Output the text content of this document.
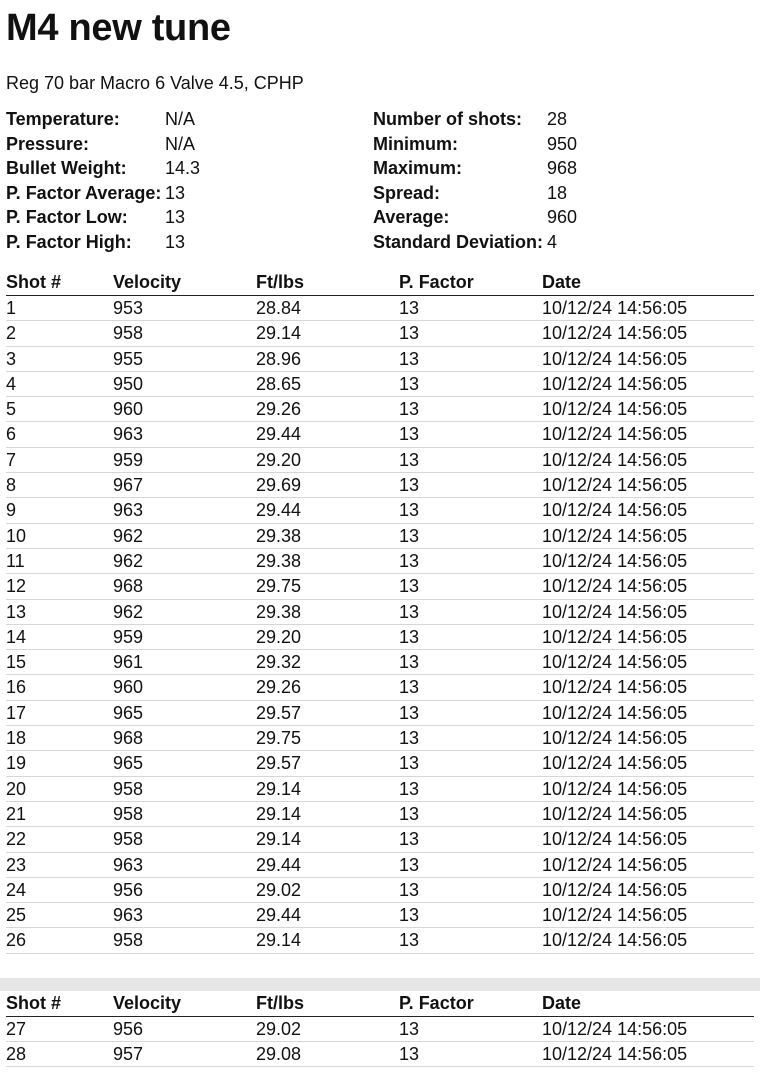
M4 new tune
Reg 70 bar Macro 6 Valve 4.5, CPHP
Temperature:	N/A
Pressure:	N/A
Bullet Weight:	14.3
P. Factor Average: 13
P. Factor Low:	13
P. Factor High:	13
Number of shots:	28
Minimum:	950
Maximum:	968
Spread:	18
Average:	960
Standard Deviation: 4
Shot #	Velocity	Ft/lbs	P. Factor	Date
1	953	28.84	13	10/12/24 14:56:05
2	958	29.14	13	10/12/24 14:56:05
3	955	28.96	13	10/12/24 14:56:05
4	950	28.65	13	10/12/24 14:56:05
5	960	29.26	13	10/12/24 14:56:05
6	963	29.44	13	10/12/24 14:56:05
7	959	29.20	13	10/12/24 14:56:05
8	967	29.69	13	10/12/24 14:56:05
9	963	29.44	13	10/12/24 14:56:05
10	962	29.38	13	10/12/24 14:56:05
11	962	29.38	13	10/12/24 14:56:05
12	968	29.75	13	10/12/24 14:56:05
13	962	29.38	13	10/12/24 14:56:05
14	959	29.20	13	10/12/24 14:56:05
15	961	29.32	13	10/12/24 14:56:05
16	960	29.26	13	10/12/24 14:56:05
17	965	29.57	13	10/12/24 14:56:05
18	968	29.75	13	10/12/24 14:56:05
19	965	29.57	13	10/12/24 14:56:05
20	958	29.14	13	10/12/24 14:56:05
21	958	29.14	13	10/12/24 14:56:05
22	958	29.14	13	10/12/24 14:56:05
23	963	29.44	13	10/12/24 14:56:05
24	956	29.02	13	10/12/24 14:56:05
25	963	29.44	13	10/12/24 14:56:05
26	958	29.14	13	10/12/24 14:56:05
Shot #	Velocity	Ft/lbs	P. Factor	Date
27	956	29.02	13	10/12/24 14:56:05
28	957	29.08	13	10/12/24 14:56:05
